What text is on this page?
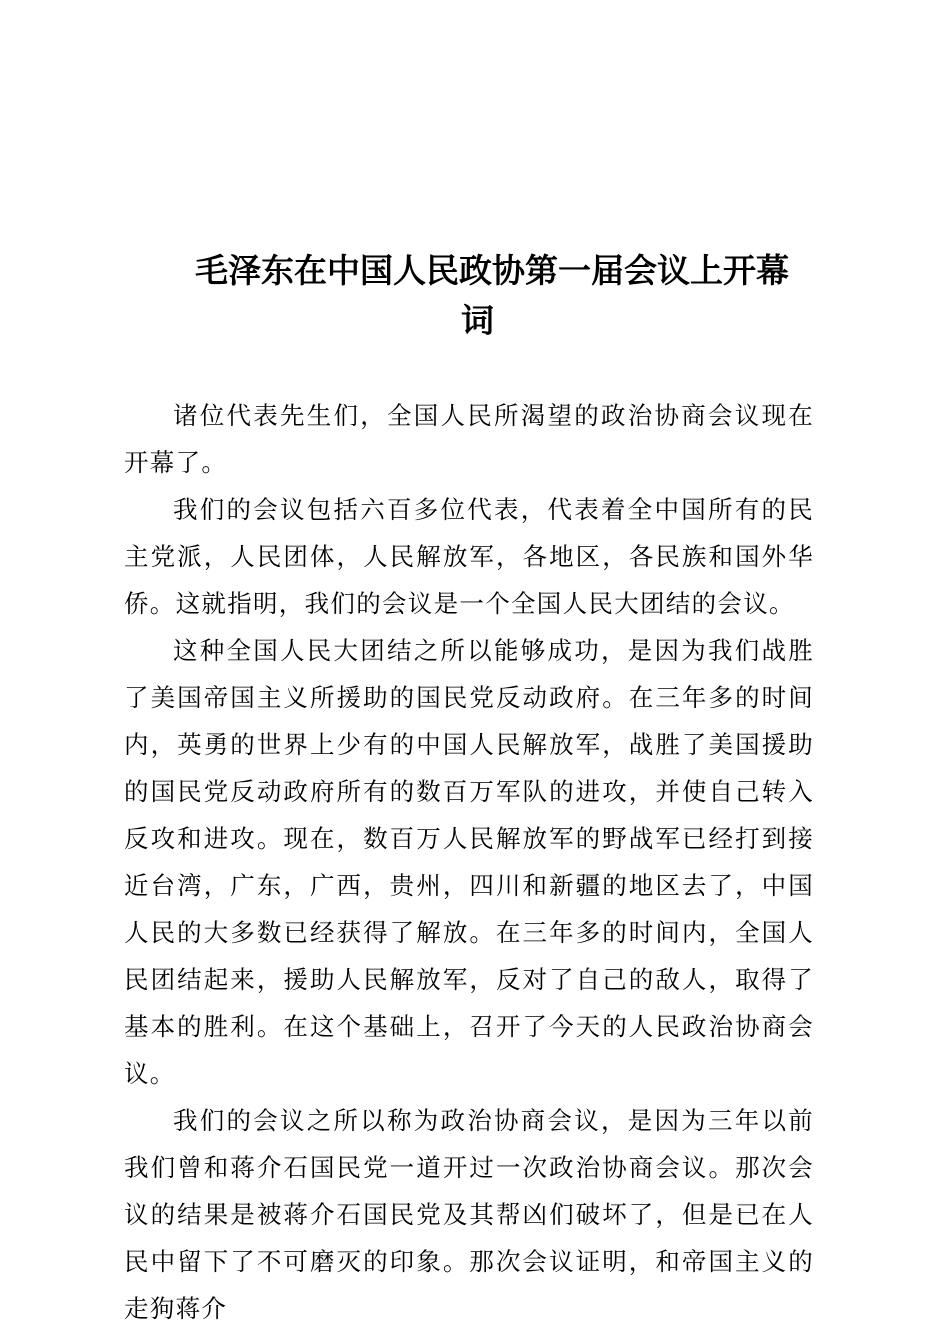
毛泽东在中国人民政协第一届会议上开幕
词

诸位代表先生们，全国人民所渴望的政治协商会议现在开幕了。

我们的会议包括六百多位代表，代表着全中国所有的民主党派，人民团体，人民解放军，各地区，各民族和国外华侨。这就指明，我们的会议是一个全国人民大团结的会议。

这种全国人民大团结之所以能够成功，是因为我们战胜了美国帝国主义所援助的国民党反动政府。在三年多的时间内，英勇的世界上少有的中国人民解放军，战胜了美国援助的国民党反动政府所有的数百万军队的进攻，并使自己转入反攻和进攻。现在，数百万人民解放军的野战军已经打到接近台湾，广东，广西，贵州，四川和新疆的地区去了，中国人民的大多数已经获得了解放。在三年多的时间内，全国人民团结起来，援助人民解放军，反对了自己的敌人，取得了基本的胜利。在这个基础上，召开了今天的人民政治协商会议。

我们的会议之所以称为政治协商会议，是因为三年以前我们曾和蒋介石国民党一道开过一次政治协商会议。那次会议的结果是被蒋介石国民党及其帮凶们破坏了，但是已在人民中留下了不可磨灭的印象。那次会议证明，和帝国主义的走狗蒋介
